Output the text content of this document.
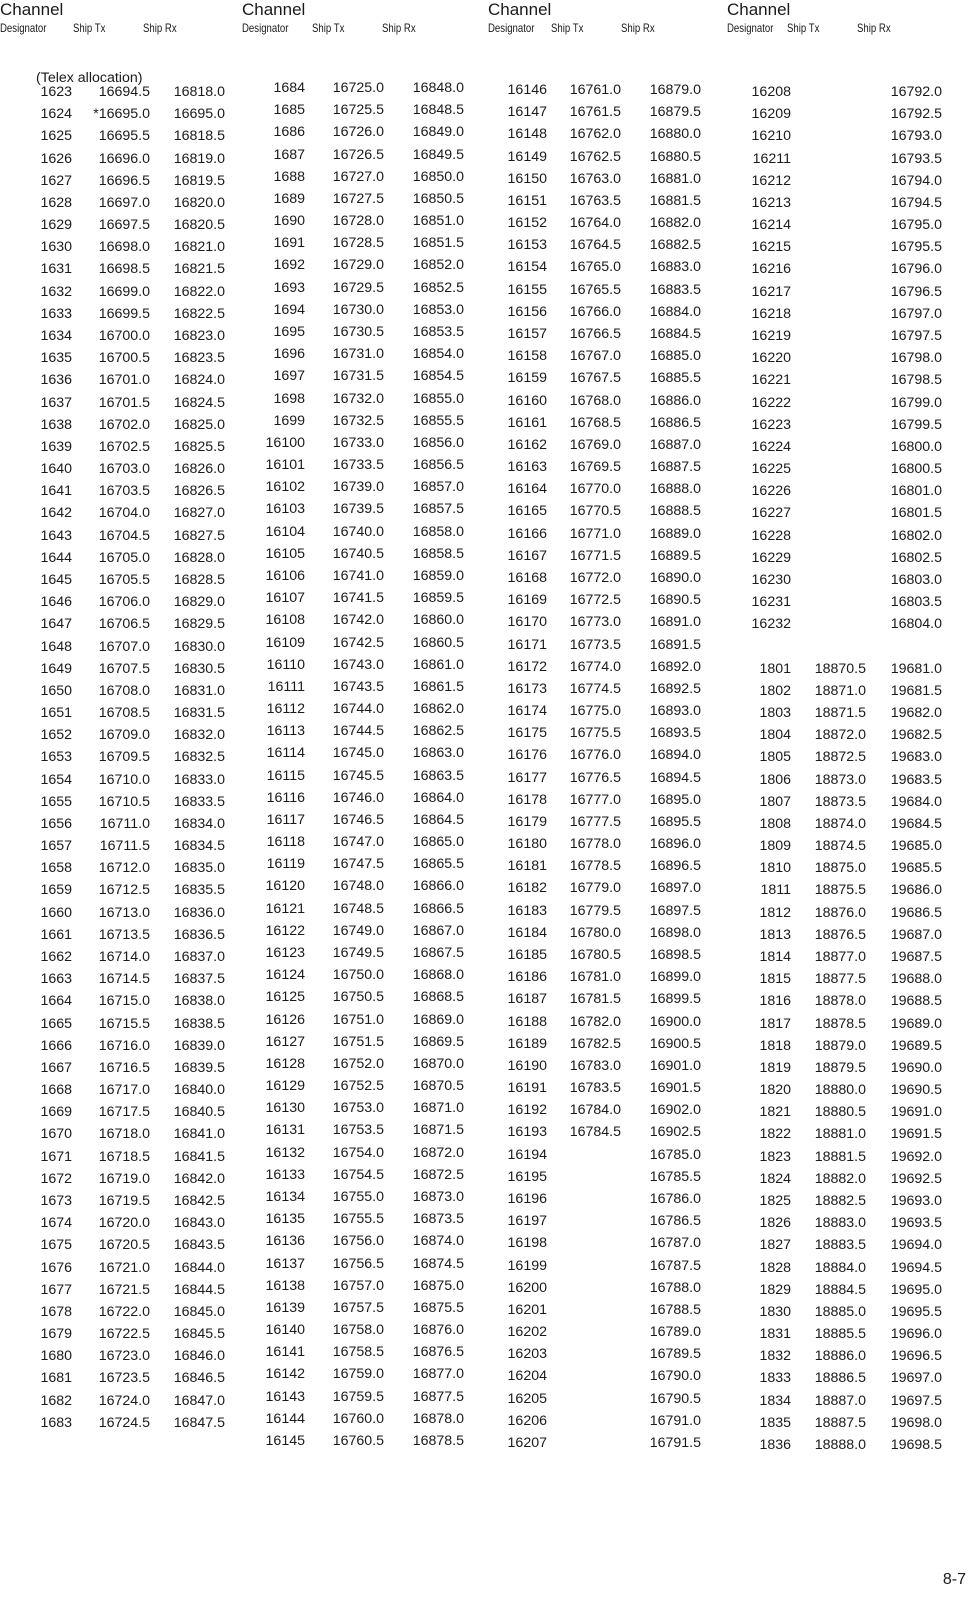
Channel
Designator Ship Tx	Ship Rx
(Telex allocation)
1623 16694.5 16818.0
1624 *16695.0 16695.0
1625 16695.5 16818.5
1626 16696.0 16819.0
1627 16696.5 16819.5
1628 16697.0 16820.0
1629 16697.5 16820.5
1630 16698.0 16821.0
1631 16698.5 16821.5
1632 16699.0 16822.0
1633 16699.5 16822.5
1634 16700.0 16823.0
1635 16700.5 16823.5
1636 16701.0 16824.0
1637 16701.5 16824.5
1638 16702.0 16825.0
1639 16702.5 16825.5
1640 16703.0 16826.0
1641 16703.5 16826.5
1642 16704.0 16827.0
1643 16704.5 16827.5
1644 16705.0 16828.0
1645 16705.5 16828.5
1646 16706.0 16829.0
1647 16706.5 16829.5
1648 16707.0 16830.0
1649 16707.5 16830.5
1650 16708.0 16831.0
1651 16708.5 16831.5
1652 16709.0 16832.0
1653 16709.5 16832.5
1654 16710.0 16833.0
1655 16710.5 16833.5
1656 16711.0 16834.0
1657 16711.5 16834.5
1658 16712.0 16835.0
1659 16712.5 16835.5
1660 16713.0 16836.0
1661 16713.5 16836.5
1662 16714.0 16837.0
1663 16714.5 16837.5
1664 16715.0 16838.0
1665 16715.5 16838.5
1666 16716.0 16839.0
1667 16716.5 16839.5
1668 16717.0 16840.0
1669 16717.5 16840.5
1670 16718.0 16841.0
1671 16718.5 16841.5
1672 16719.0 16842.0
1673 16719.5 16842.5
1674 16720.0 16843.0
1675 16720.5 16843.5
1676 16721.0 16844.0
1677 16721.5 16844.5
1678 16722.0 16845.0
1679 16722.5 16845.5
1680 16723.0 16846.0
1681 16723.5 16846.5
1682 16724.0 16847.0
1683 16724.5 16847.5
Channel
Designator Ship Tx	Ship Rx
1684 16725.0 16848.0
1685 16725.5 16848.5
1686 16726.0 16849.0
1687 16726.5 16849.5
1688 16727.0 16850.0
1689 16727.5 16850.5
1690 16728.0 16851.0
1691 16728.5 16851.5
1692 16729.0 16852.0
1693 16729.5 16852.5
1694 16730.0 16853.0
1695 16730.5 16853.5
1696 16731.0 16854.0
1697 16731.5 16854.5
1698 16732.0 16855.0
1699 16732.5 16855.5
16100 16733.0 16856.0
16101 16733.5 16856.5
16102 16739.0 16857.0
16103 16739.5 16857.5
16104 16740.0 16858.0
16105 16740.5 16858.5
16106 16741.0 16859.0
16107 16741.5 16859.5
16108 16742.0 16860.0
16109 16742.5 16860.5
16110 16743.0 16861.0
16111 16743.5 16861.5
16112 16744.0 16862.0
16113 16744.5 16862.5
16114 16745.0 16863.0
16115 16745.5 16863.5
16116 16746.0 16864.0
16117 16746.5 16864.5
16118 16747.0 16865.0
16119 16747.5 16865.5
16120 16748.0 16866.0
16121 16748.5 16866.5
16122 16749.0 16867.0
16123 16749.5 16867.5
16124 16750.0 16868.0
16125 16750.5 16868.5
16126 16751.0 16869.0
16127 16751.5 16869.5
16128 16752.0 16870.0
16129 16752.5 16870.5
16130 16753.0 16871.0
16131 16753.5 16871.5
16132 16754.0 16872.0
16133 16754.5 16872.5
16134 16755.0 16873.0
16135 16755.5 16873.5
16136 16756.0 16874.0
16137 16756.5 16874.5
16138 16757.0 16875.0
16139 16757.5 16875.5
16140 16758.0 16876.0
16141 16758.5 16876.5
16142 16759.0 16877.0
16143 16759.5 16877.5
16144 16760.0 16878.0
16145 16760.5 16878.5
Channel
Designator Ship Tx	Ship Rx
16146 16761.0 16879.0
16147 16761.5 16879.5
16148 16762.0 16880.0
16149 16762.5 16880.5
16150 16763.0 16881.0
16151 16763.5 16881.5
16152 16764.0 16882.0
16153 16764.5 16882.5
16154 16765.0 16883.0
16155 16765.5 16883.5
16156 16766.0 16884.0
16157 16766.5 16884.5
16158 16767.0 16885.0
16159 16767.5 16885.5
16160 16768.0 16886.0
16161 16768.5 16886.5
16162 16769.0 16887.0
16163 16769.5 16887.5
16164 16770.0 16888.0
16165 16770.5 16888.5
16166 16771.0 16889.0
16167 16771.5 16889.5
16168 16772.0 16890.0
16169 16772.5 16890.5
16170 16773.0 16891.0
16171 16773.5 16891.5
16172 16774.0 16892.0
16173 16774.5 16892.5
16174 16775.0 16893.0
16175 16775.5 16893.5
16176 16776.0 16894.0
16177 16776.5 16894.5
16178 16777.0 16895.0
16179 16777.5 16895.5
16180 16778.0 16896.0
16181 16778.5 16896.5
16182 16779.0 16897.0
16183 16779.5 16897.5
16184 16780.0 16898.0
16185 16780.5 16898.5
16186 16781.0 16899.0
16187 16781.5 16899.5
16188 16782.0 16900.0
16189 16782.5 16900.5
16190 16783.0 16901.0
16191 16783.5 16901.5
16192 16784.0 16902.0
16193 16784.5 16902.5
16194	16785.0
16195	16785.5
16196	16786.0
16197	16786.5
16198	16787.0
16199	16787.5
16200	16788.0
16201	16788.5
16202	16789.0
16203	16789.5
16204	16790.0
16205	16790.5
16206	16791.0
16207	16791.5
Channel
Designator Ship Tx	Ship Rx
16208	16792.0
16209	16792.5
16210	16793.0
16211	16793.5
16212	16794.0
16213	16794.5
16214	16795.0
16215	16795.5
16216	16796.0
16217	16796.5
16218	16797.0
16219	16797.5
16220	16798.0
16221	16798.5
16222	16799.0
16223	16799.5
16224	16800.0
16225	16800.5
16226	16801.0
16227	16801.5
16228	16802.0
16229	16802.5
16230	16803.0
16231	16803.5
16232	16804.0
1801 18870.5 19681.0
1802 18871.0 19681.5
1803 18871.5 19682.0
1804 18872.0 19682.5
1805 18872.5 19683.0
1806 18873.0 19683.5
1807 18873.5 19684.0
1808 18874.0 19684.5
1809 18874.5 19685.0
1810 18875.0 19685.5
1811 18875.5 19686.0
1812 18876.0 19686.5
1813 18876.5 19687.0
1814 18877.0 19687.5
1815 18877.5 19688.0
1816 18878.0 19688.5
1817 18878.5 19689.0
1818 18879.0 19689.5
1819 18879.5 19690.0
1820 18880.0 19690.5
1821 18880.5 19691.0
1822 18881.0 19691.5
1823 18881.5 19692.0
1824 18882.0 19692.5
1825 18882.5 19693.0
1826 18883.0 19693.5
1827 18883.5 19694.0
1828 18884.0 19694.5
1829 18884.5 19695.0
1830 18885.0 19695.5
1831 18885.5 19696.0
1832 18886.0 19696.5
1833 18886.5 19697.0
1834 18887.0 19697.5
1835 18887.5 19698.0
1836 18888.0 19698.5
8-7
